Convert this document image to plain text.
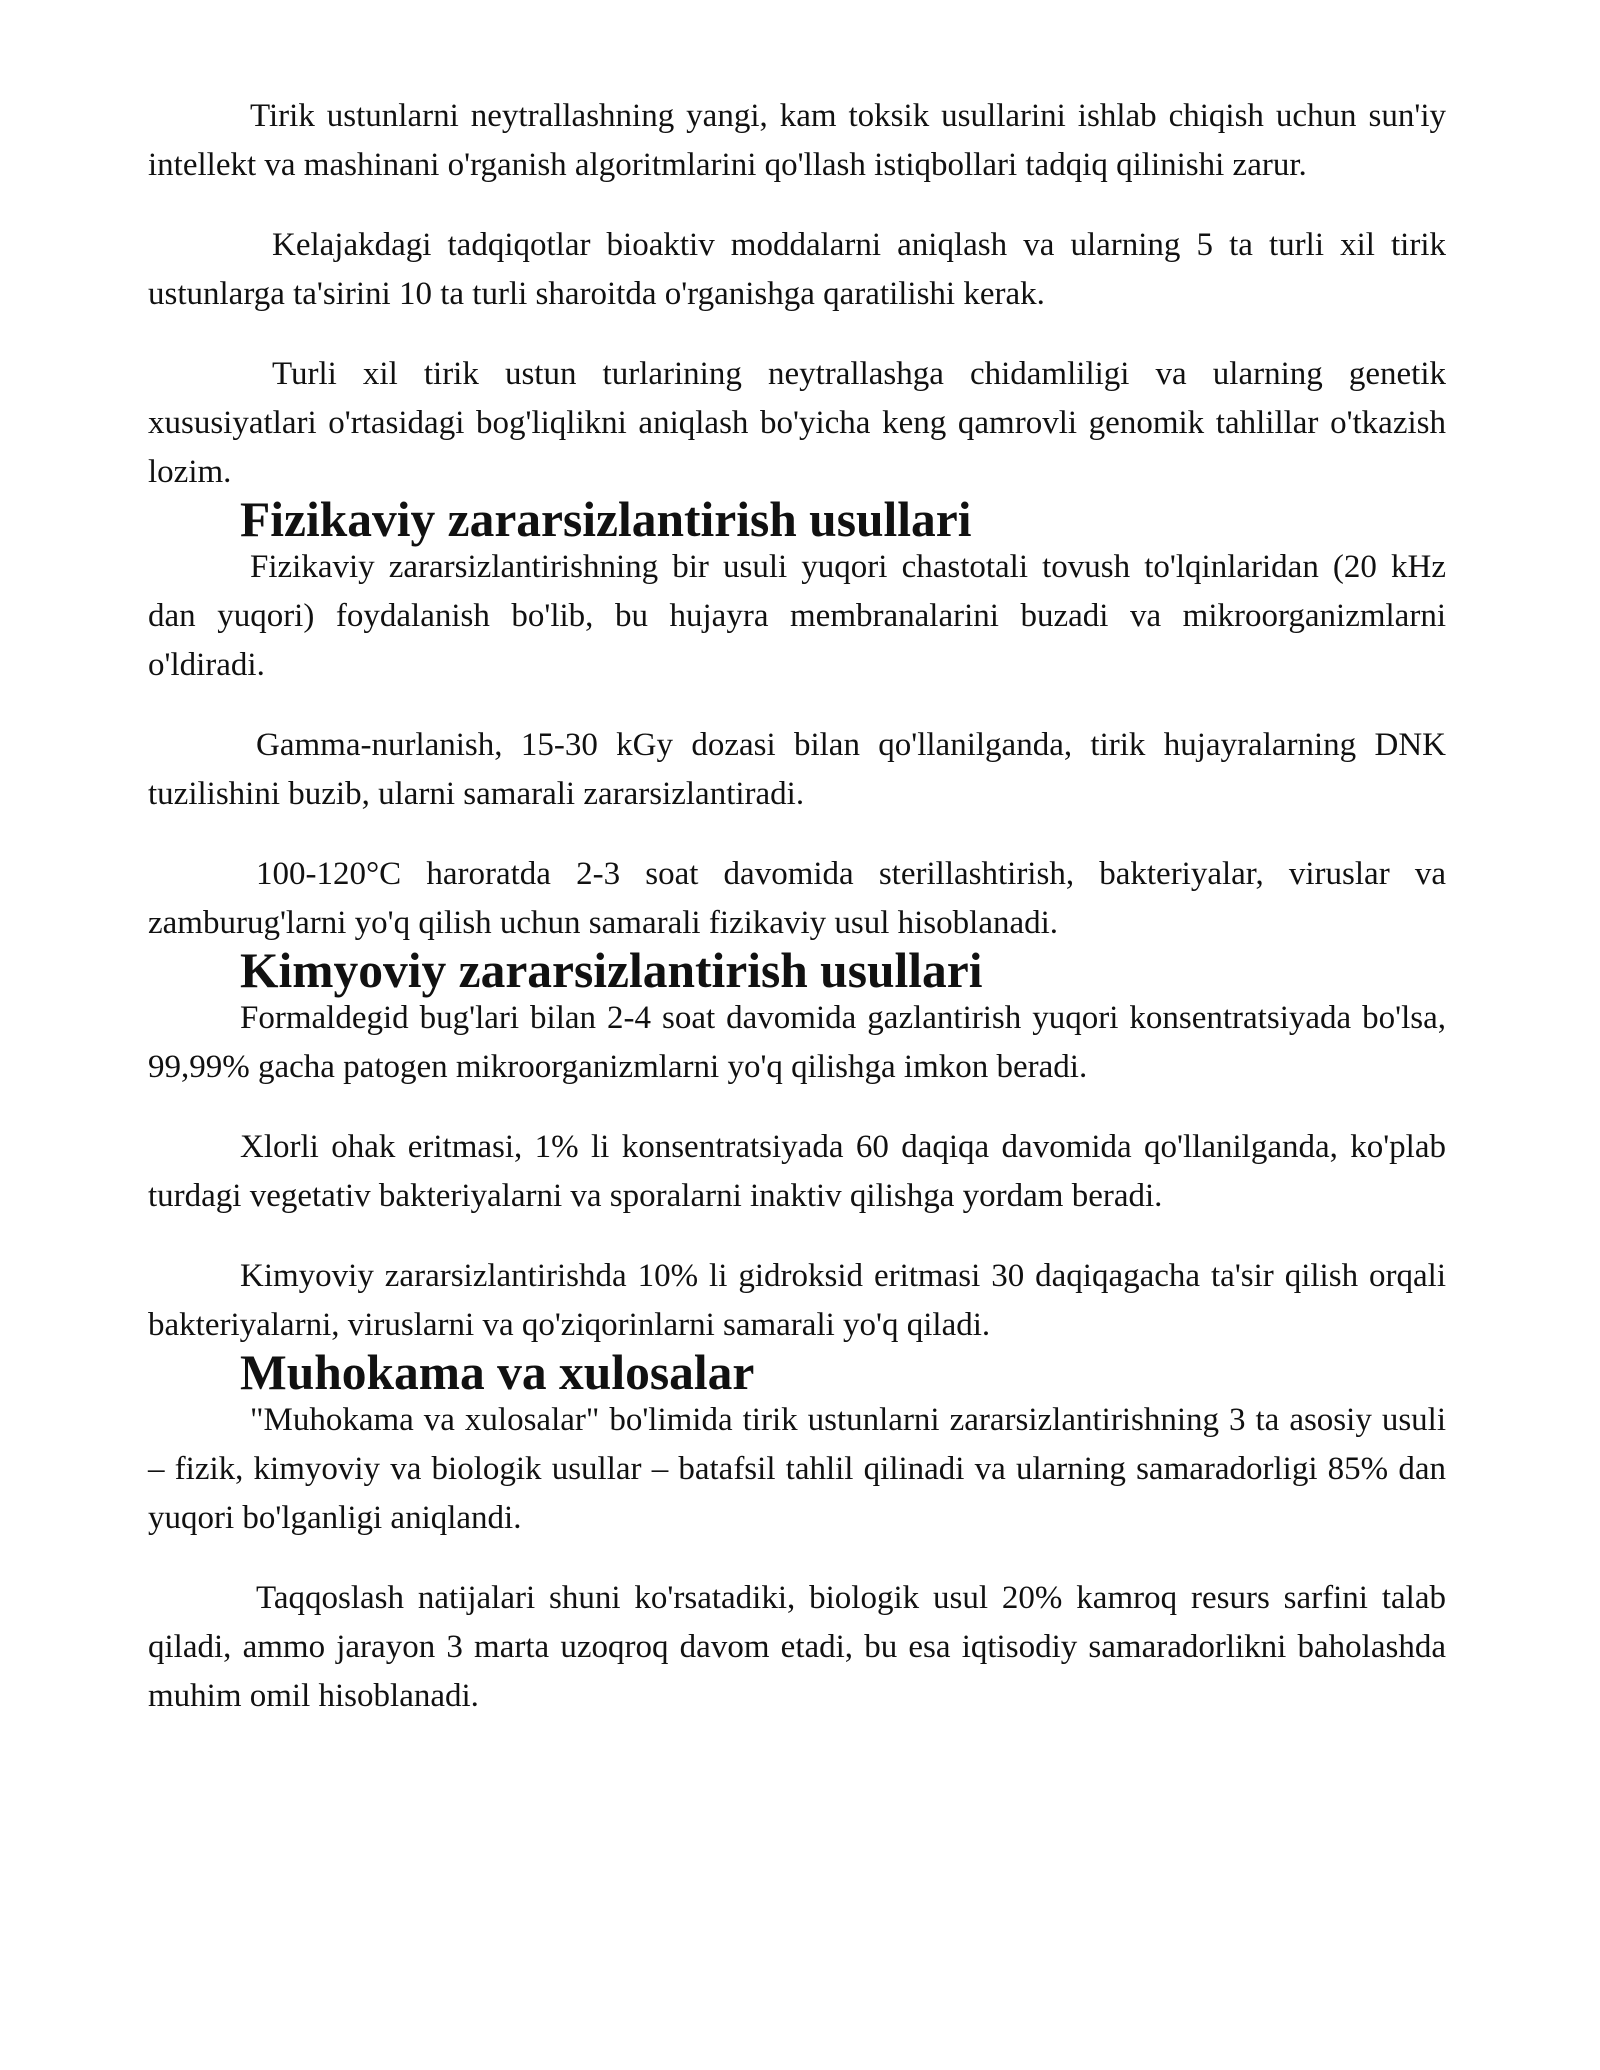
Tirik ustunlarni neytrallashning yangi, kam toksik usullarini ishlab chiqish uchun sun'iy intellekt va mashinani o'rganish algoritmlarini qo'llash istiqbollari tadqiq qilinishi zarur.

Kelajakdagi tadqiqotlar bioaktiv moddalarni aniqlash va ularning 5 ta turli xil tirik ustunlarga ta'sirini 10 ta turli sharoitda o'rganishga qaratilishi kerak.

Turli xil tirik ustun turlarining neytrallashga chidamliligi va ularning genetik xususiyatlari o'rtasidagi bog'liqlikni aniqlash bo'yicha keng qamrovli genomik tahlillar o'tkazish lozim.

Fizikaviy zararsizlantirish usullari

Fizikaviy zararsizlantirishning bir usuli yuqori chastotali tovush to'lqinlaridan (20 kHz dan yuqori) foydalanish bo'lib, bu hujayra membranalarini buzadi va mikroorganizmlarni o'ldiradi.

Gamma-nurlanish, 15-30 kGy dozasi bilan qo'llanilganda, tirik hujayralarning DNK tuzilishini buzib, ularni samarali zararsizlantiradi.

100-120°C haroratda 2-3 soat davomida sterillashtirish, bakteriyalar, viruslar va zamburug'larni yo'q qilish uchun samarali fizikaviy usul hisoblanadi.

Kimyoviy zararsizlantirish usullari

Formaldegid bug'lari bilan 2-4 soat davomida gazlantirish yuqori konsentratsiyada bo'lsa, 99,99% gacha patogen mikroorganizmlarni yo'q qilishga imkon beradi.

Xlorli ohak eritmasi, 1% li konsentratsiyada 60 daqiqa davomida qo'llanilganda, ko'plab turdagi vegetativ bakteriyalarni va sporalarni inaktiv qilishga yordam beradi.

Kimyoviy zararsizlantirishda 10% li gidroksid eritmasi 30 daqiqagacha ta'sir qilish orqali bakteriyalarni, viruslarni va qo'ziqorinlarni samarali yo'q qiladi.

Muhokama va xulosalar

"Muhokama va xulosalar" bo'limida tirik ustunlarni zararsizlantirishning 3 ta asosiy usuli – fizik, kimyoviy va biologik usullar – batafsil tahlil qilinadi va ularning samaradorligi 85% dan yuqori bo'lganligi aniqlandi.

Taqqoslash natijalari shuni ko'rsatadiki, biologik usul 20% kamroq resurs sarfini talab qiladi, ammo jarayon 3 marta uzoqroq davom etadi, bu esa iqtisodiy samaradorlikni baholashda muhim omil hisoblanadi.
